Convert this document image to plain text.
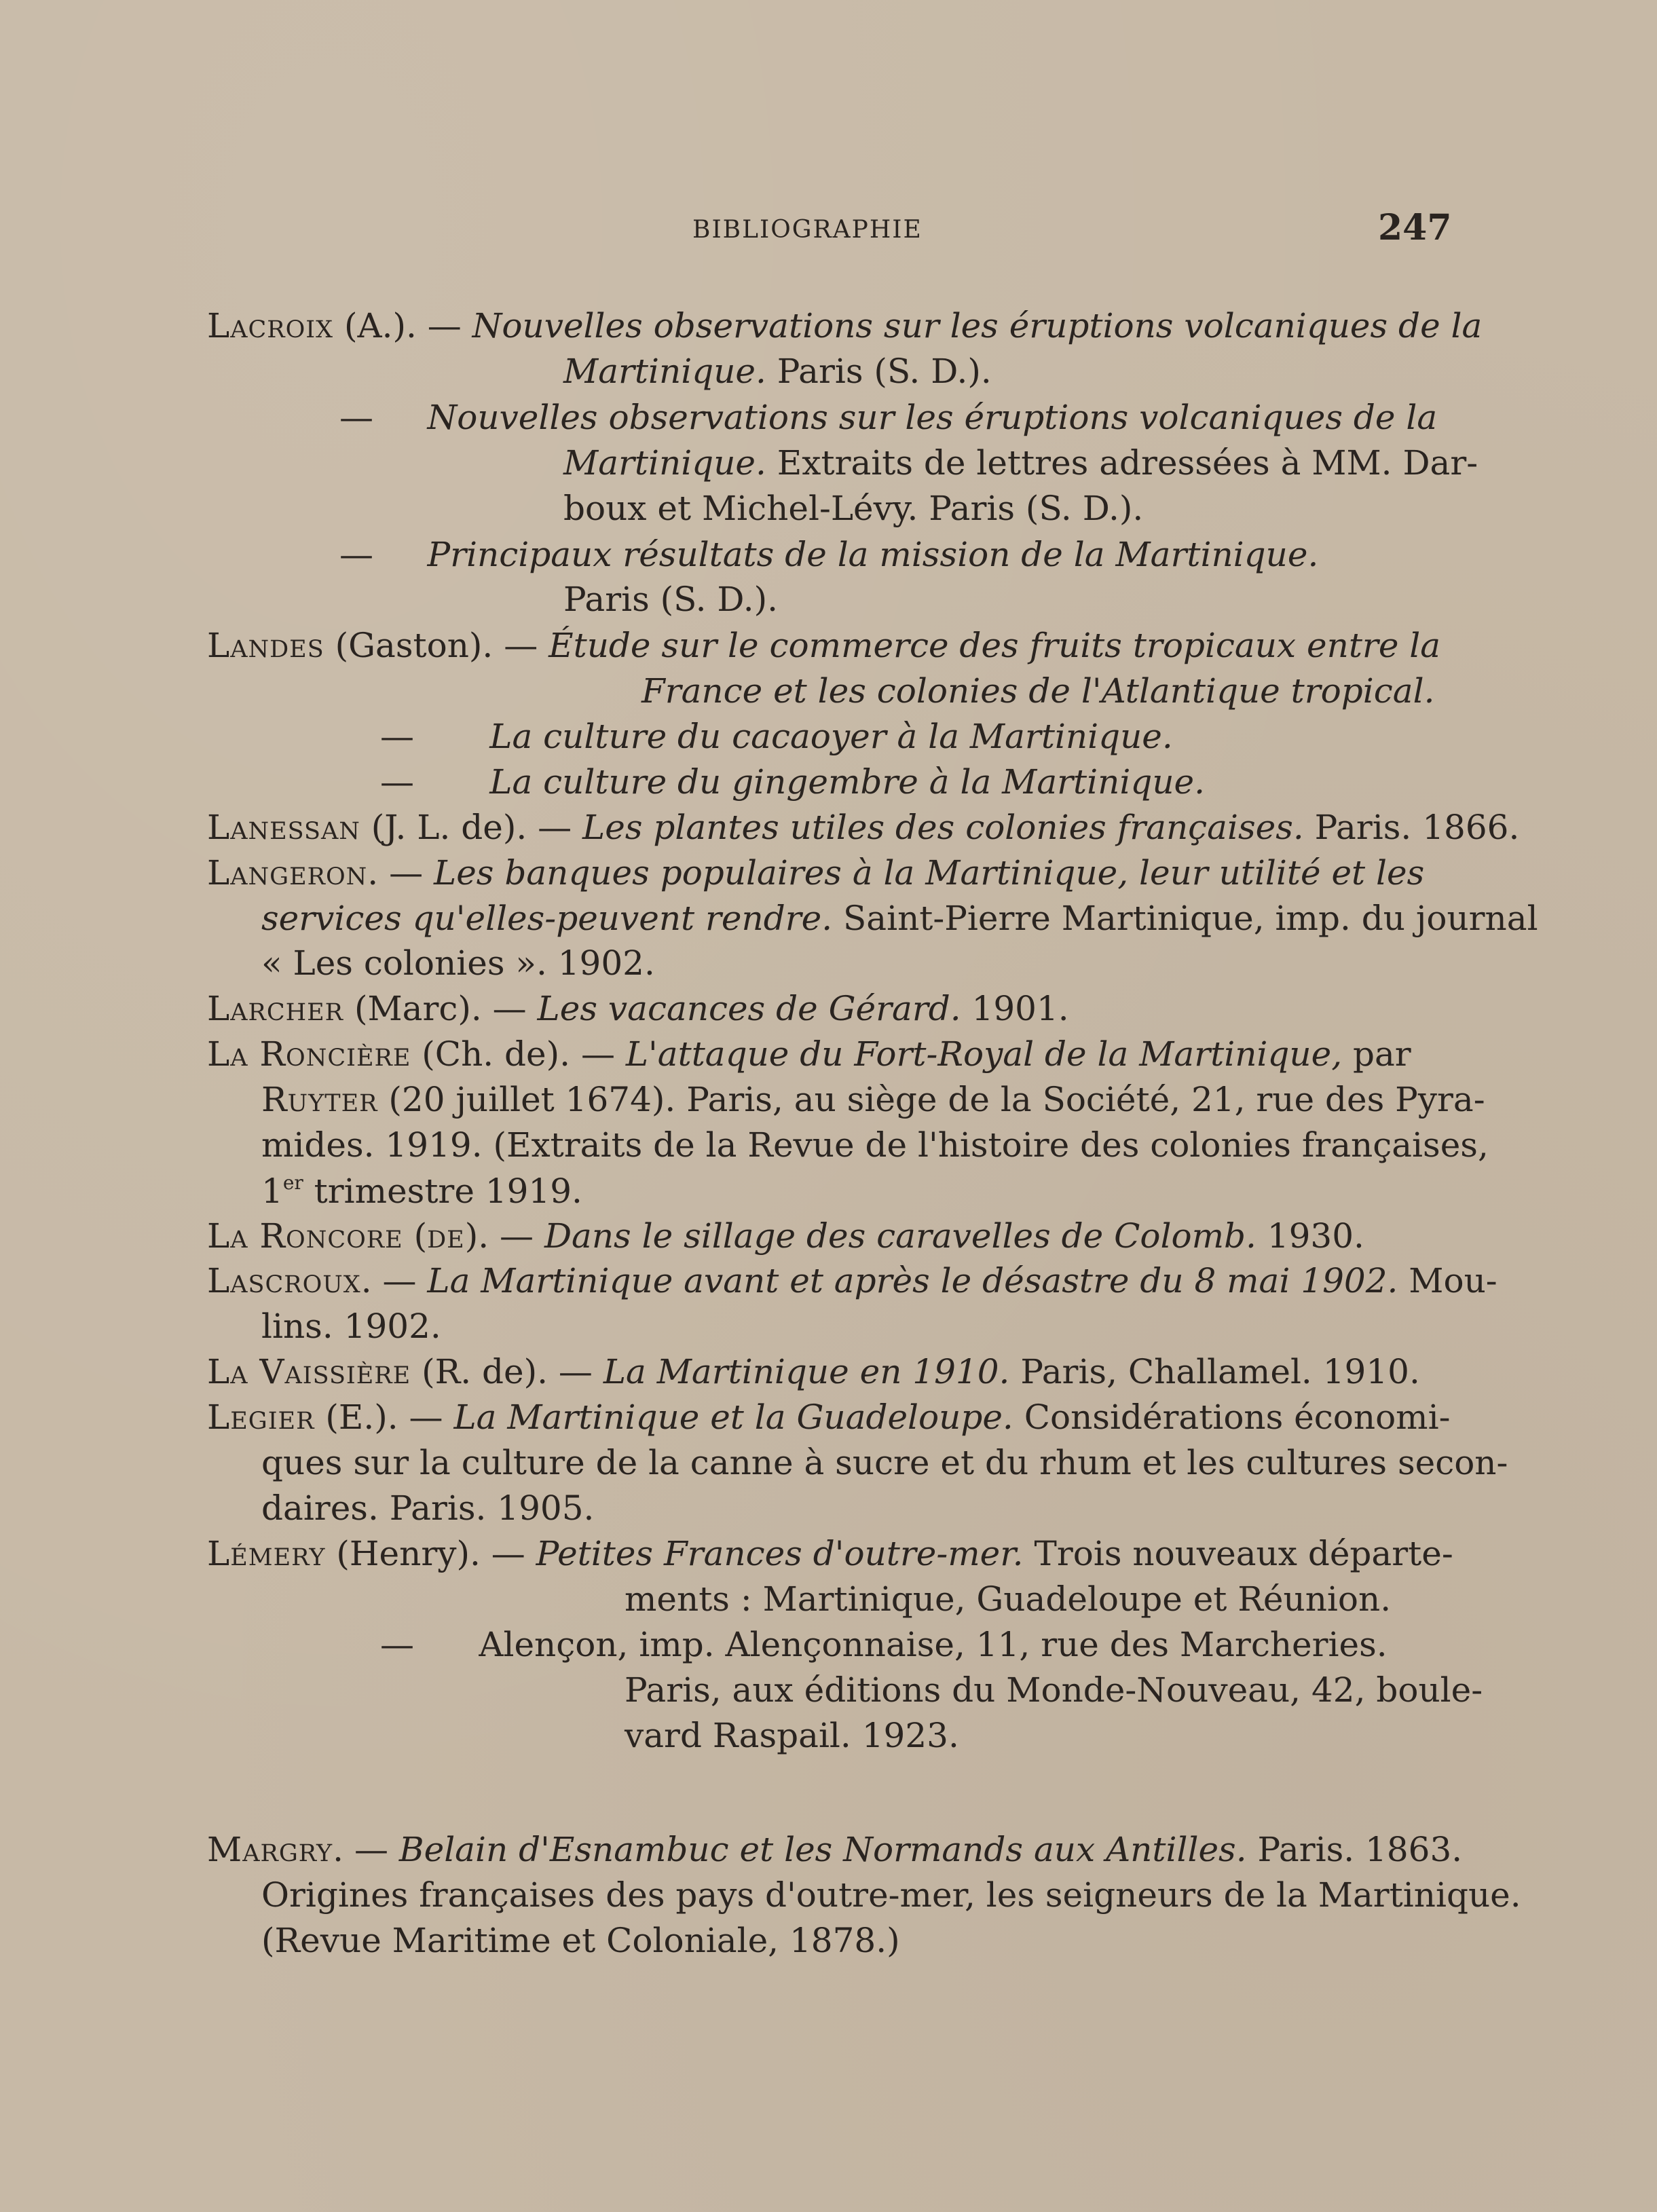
BIBLIOGRAPHIE	247
Lacroix (A.). — Nouvelles observations sur les éruptions volcaniques de la
Martinique. Paris (S. D.).
—     Nouvelles observations sur les éruptions volcaniques de la
Martinique. Extraits de lettres adressées à MM. Dar-
boux et Michel-Lévy. Paris (S. D.).
—     Principaux résultats de la mission de la Martinique.
Paris (S. D.).
Landes (Gaston). — Étude sur le commerce des fruits tropicaux entre la
France et les colonies de l'Atlantique tropical.
—       La culture du cacaoyer à la Martinique.
—       La culture du gingembre à la Martinique.
Lanessan (J. L. de). — Les plantes utiles des colonies françaises. Paris. 1866.
Langeron. — Les banques populaires à la Martinique, leur utilité et les
services qu'elles-peuvent rendre. Saint-Pierre Martinique, imp. du journal
« Les colonies ». 1902.
Larcher (Marc). — Les vacances de Gérard. 1901.
La Roncière (Ch. de). — L'attaque du Fort-Royal de la Martinique, par
Ruyter (20 juillet 1674). Paris, au siège de la Société, 21, rue des Pyra-
mides. 1919. (Extraits de la Revue de l'histoire des colonies françaises,
1er trimestre 1919.
La Roncore (de). — Dans le sillage des caravelles de Colomb. 1930.
Lascroux. — La Martinique avant et après le désastre du 8 mai 1902. Mou-
lins. 1902.
La Vaissière (R. de). — La Martinique en 1910. Paris, Challamel. 1910.
Legier (E.). — La Martinique et la Guadeloupe. Considérations économi-
ques sur la culture de la canne à sucre et du rhum et les cultures secon-
daires. Paris. 1905.
Lémery (Henry). — Petites Frances d'outre-mer. Trois nouveaux départe-
ments : Martinique, Guadeloupe et Réunion.
—      Alençon, imp. Alençonnaise, 11, rue des Marcheries.
Paris, aux éditions du Monde-Nouveau, 42, boule-
vard Raspail. 1923.
Margry. — Belain d'Esnambuc et les Normands aux Antilles. Paris. 1863.
Origines françaises des pays d'outre-mer, les seigneurs de la Martinique.
(Revue Maritime et Coloniale, 1878.)
